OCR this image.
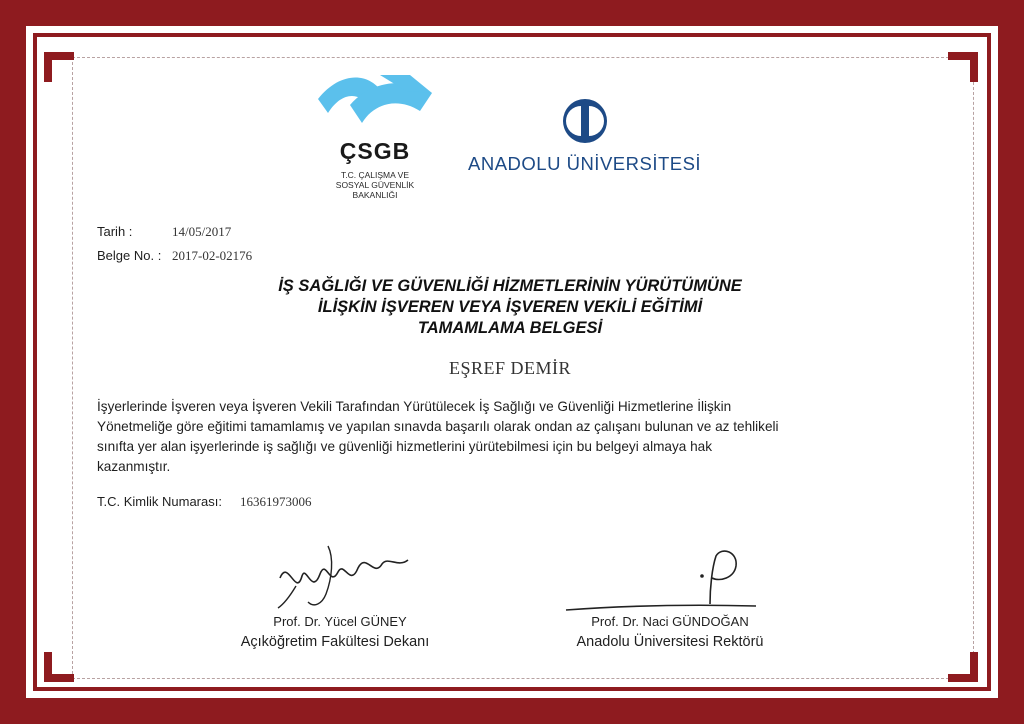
ÇSGB
T.C. ÇALIŞMA VE
SOSYAL GÜVENLİK
BAKANLIĞI
ANADOLU ÜNİVERSİTESİ
Tarih :	14/05/2017
Belge No. : 2017-02-02176
İŞ SAĞLIĞI VE GÜVENLİĞİ HİZMETLERİNİN YÜRÜTÜMÜNE
İLİŞKİN İŞVEREN VEYA İŞVEREN VEKİLİ EĞİTİMİ
TAMAMLAMA BELGESİ
EŞREF DEMİR
İşyerlerinde İşveren veya İşveren Vekili Tarafından Yürütülecek İş Sağlığı ve Güvenliği Hizmetlerine İlişkin
Yönetmeliğe göre eğitimi tamamlamış ve yapılan sınavda başarılı olarak ondan az çalışanı bulunan ve az tehlikeli
sınıfta yer alan işyerlerinde iş sağlığı ve güvenliği hizmetlerini yürütebilmesi için bu belgeyi almaya hak
kazanmıştır.
T.C. Kimlik Numarası: 16361973006
Prof. Dr. Yücel GÜNEY
Açıköğretim Fakültesi Dekanı
Prof. Dr. Naci GÜNDOĞAN
Anadolu Üniversitesi Rektörü
